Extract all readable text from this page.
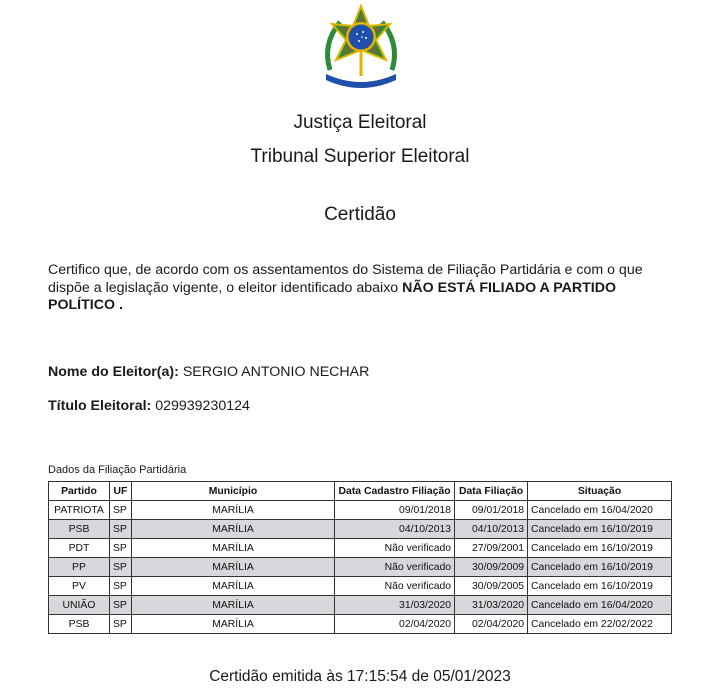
Justiça Eleitoral
Tribunal Superior Eleitoral
Certidão
Certifico que, de acordo com os assentamentos do Sistema de Filiação Partidária e com o que dispõe a legislação vigente, o eleitor identificado abaixo NÃO ESTÁ FILIADO A PARTIDO POLÍTICO .
Nome do Eleitor(a): SERGIO ANTONIO NECHAR
Título Eleitoral: 029939230124
Dados da Filiação Partidária
Partido	UF	Município	Data Cadastro Filiação	Data Filiação	Situação
PATRIOTA	SP	MARÍLIA	09/01/2018	09/01/2018	Cancelado em 16/04/2020
PSB	SP	MARÍLIA	04/10/2013	04/10/2013	Cancelado em 16/10/2019
PDT	SP	MARÍLIA	Não verificado	27/09/2001	Cancelado em 16/10/2019
PP	SP	MARÍLIA	Não verificado	30/09/2009	Cancelado em 16/10/2019
PV	SP	MARÍLIA	Não verificado	30/09/2005	Cancelado em 16/10/2019
UNIÃO	SP	MARÍLIA	31/03/2020	31/03/2020	Cancelado em 16/04/2020
PSB	SP	MARÍLIA	02/04/2020	02/04/2020	Cancelado em 22/02/2022
Certidão emitida às 17:15:54 de 05/01/2023
